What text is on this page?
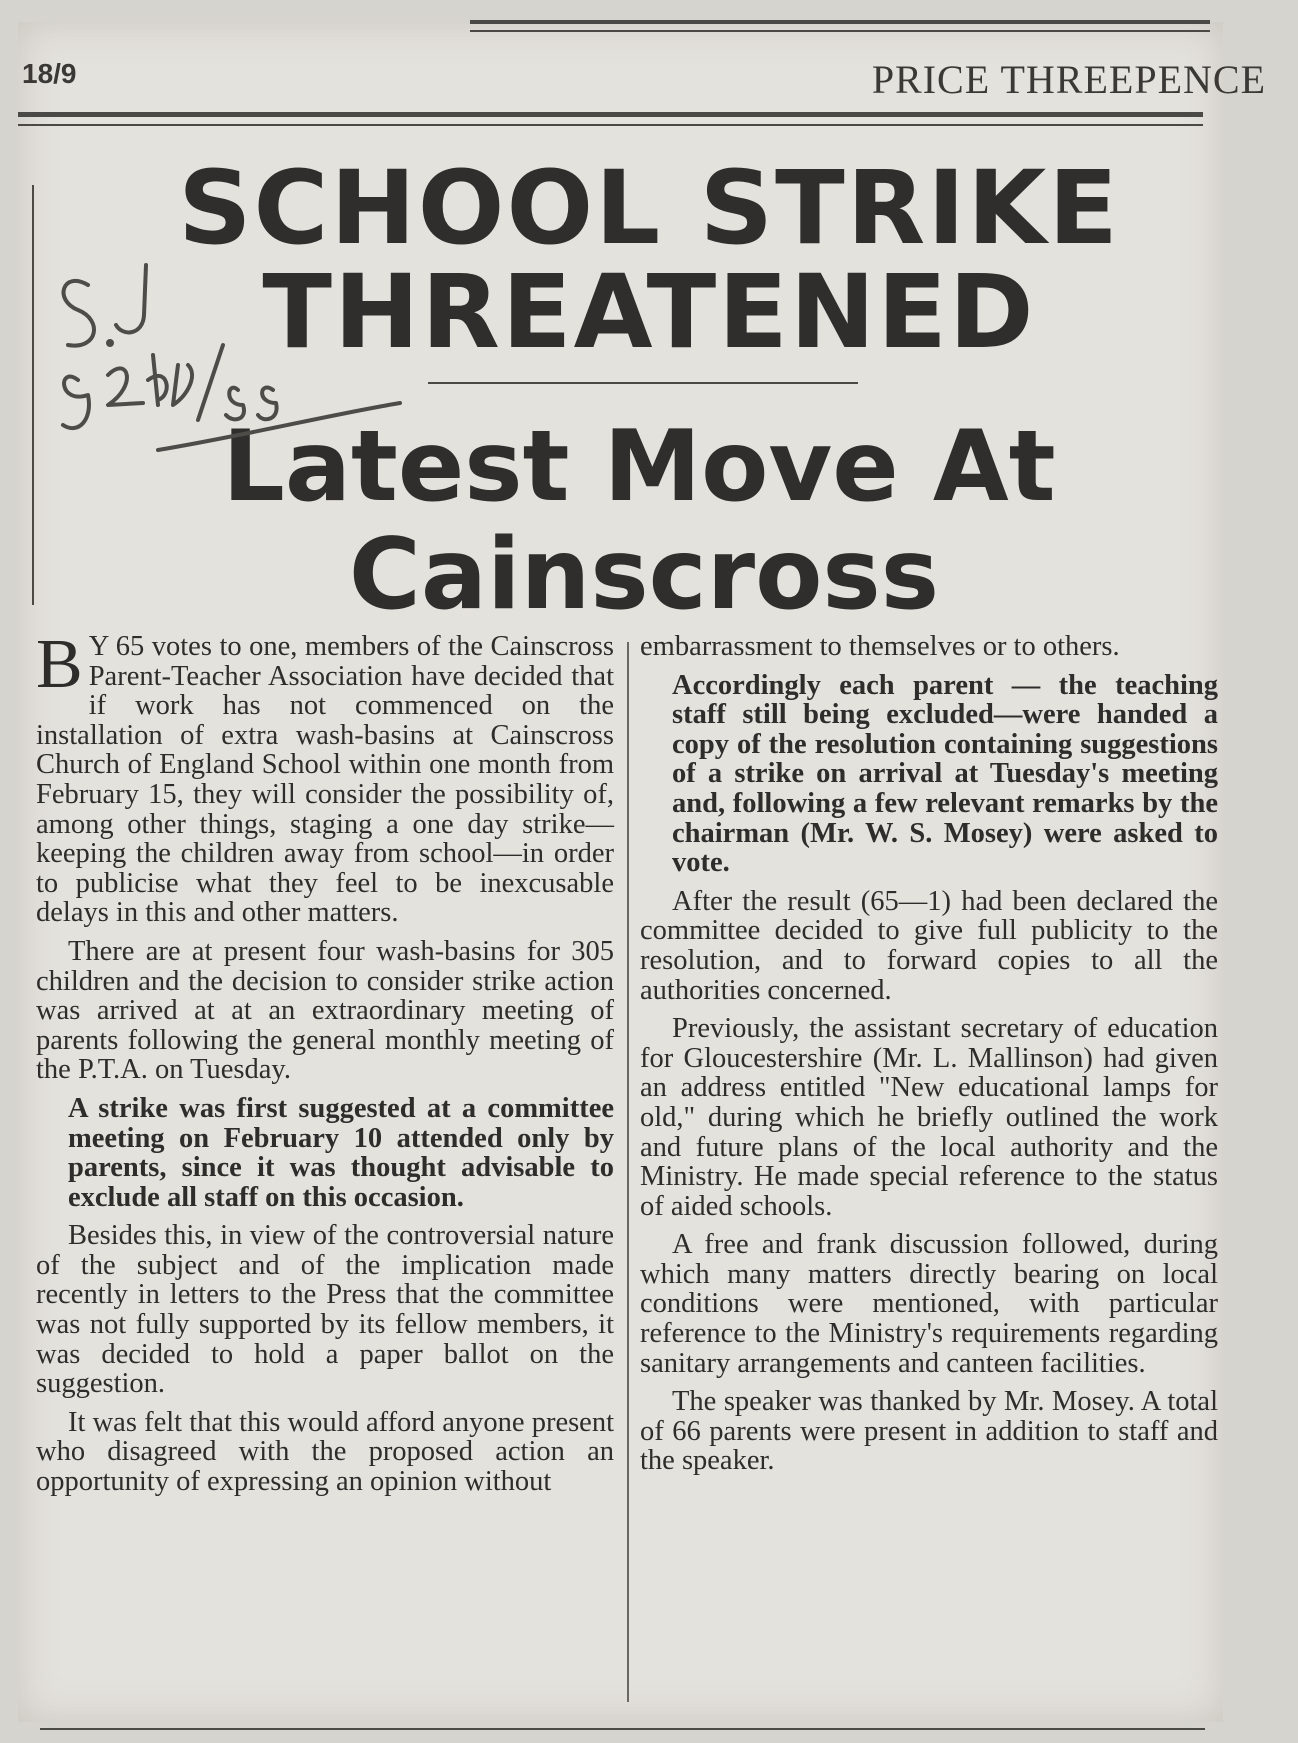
18/9	PRICE THREEPENCE
SCHOOL STRIKE
THREATENED
Latest Move At
Cainscross
S.J 22/2/55

B Y 65 votes to one, members of the Cainscross Parent-Teacher Association have decided that if work has not commenced on the installation of extra wash-basins at Cainscross Church of England School within one month from February 15, they will consider the possibility of, among other things, staging a one day strike—keeping the children away from school—in order to publicise what they feel to be inexcusable delays in this and other matters.

There are at present four wash-basins for 305 children and the decision to consider strike action was arrived at at an extraordinary meeting of parents following the general monthly meeting of the P.T.A. on Tuesday.

A strike was first suggested at a committee meeting on February 10 attended only by parents, since it was thought advisable to exclude all staff on this occasion.

Besides this, in view of the controversial nature of the subject and of the implication made recently in letters to the Press that the committee was not fully supported by its fellow members, it was decided to hold a paper ballot on the suggestion.

It was felt that this would afford anyone present who disagreed with the proposed action an opportunity of expressing an opinion without

embarrassment to themselves or to others.

Accordingly each parent — the teaching staff still being excluded—were handed a copy of the resolution containing suggestions of a strike on arrival at Tuesday's meeting and, following a few relevant remarks by the chairman (Mr. W. S. Mosey) were asked to vote.

After the result (65—1) had been declared the committee decided to give full publicity to the resolution, and to forward copies to all the authorities concerned.

Previously, the assistant secretary of education for Gloucestershire (Mr. L. Mallinson) had given an address entitled "New educational lamps for old," during which he briefly outlined the work and future plans of the local authority and the Ministry. He made special reference to the status of aided schools.

A free and frank discussion followed, during which many matters directly bearing on local conditions were mentioned, with particular reference to the Ministry's requirements regarding sanitary arrangements and canteen facilities.

The speaker was thanked by Mr. Mosey. A total of 66 parents were present in addition to staff and the speaker.
